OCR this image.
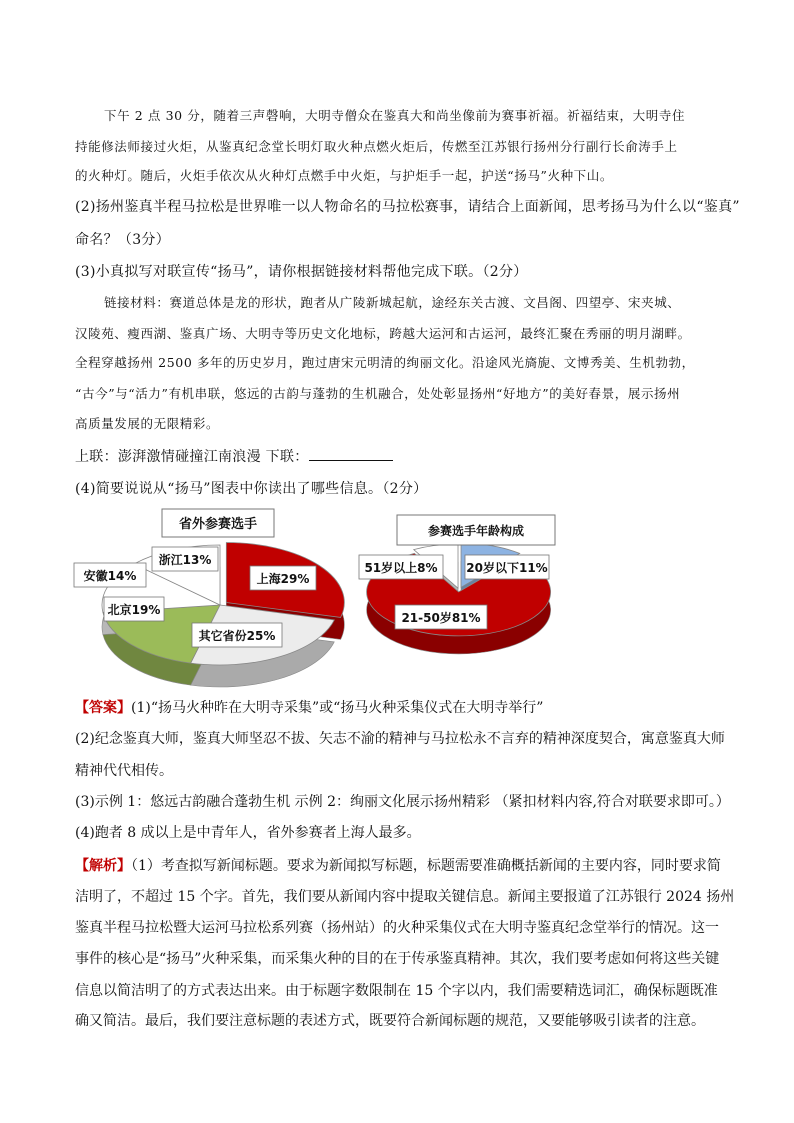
下午 2 点 30 分，随着三声磬响，大明寺僧众在鉴真大和尚坐像前为赛事祈福。祈福结束，大明寺住
持能修法师接过火炬，从鉴真纪念堂长明灯取火种点燃火炬后，传燃至江苏银行扬州分行副行长俞涛手上
的火种灯。随后，火炬手依次从火种灯点燃手中火炬，与护炬手一起，护送“扬马”火种下山。
(2)扬州鉴真半程马拉松是世界唯一以人物命名的马拉松赛事，请结合上面新闻，思考扬马为什么以“鉴真”
命名？（3分）
(3)小真拟写对联宣传“扬马”，请你根据链接材料帮他完成下联。（2分）
链接材料：赛道总体是龙的形状，跑者从广陵新城起航，途经东关古渡、文昌阁、四望亭、宋夹城、
汉陵苑、瘦西湖、鉴真广场、大明寺等历史文化地标，跨越大运河和古运河，最终汇聚在秀丽的明月湖畔。
全程穿越扬州 2500 多年的历史岁月，跑过唐宋元明清的绚丽文化。沿途风光旖旎、文博秀美、生机勃勃，
“古今”与“活力”有机串联，悠远的古韵与蓬勃的生机融合，处处彰显扬州“好地方”的美好春景，展示扬州
高质量发展的无限精彩。
上联：澎湃激情碰撞江南浪漫 下联：
(4)简要说说从“扬马”图表中你读出了哪些信息。（2分）
上海29%
其它省份25%
北京19%
安徽14%
浙江13%
省外参赛选手
21-50岁81%
51岁以上8% 20岁以下11%
参赛选手年龄构成
【答案】(1)“扬马火种昨在大明寺采集”或“扬马火种采集仪式在大明寺举行”
(2)纪念鉴真大师，鉴真大师坚忍不拔、矢志不渝的精神与马拉松永不言弃的精神深度契合，寓意鉴真大师
精神代代相传。
(3)示例 1：悠远古韵融合蓬勃生机 示例 2：绚丽文化展示扬州精彩 （紧扣材料内容,符合对联要求即可。）
(4)跑者 8 成以上是中青年人，省外参赛者上海人最多。
【解析】（1）考查拟写新闻标题。要求为新闻拟写标题，标题需要准确概括新闻的主要内容，同时要求简
洁明了，不超过 15 个字。首先，我们要从新闻内容中提取关键信息。新闻主要报道了江苏银行 2024 扬州
鉴真半程马拉松暨大运河马拉松系列赛（扬州站）的火种采集仪式在大明寺鉴真纪念堂举行的情况。这一
事件的核心是“扬马”火种采集，而采集火种的目的在于传承鉴真精神。其次，我们要考虑如何将这些关键
信息以简洁明了的方式表达出来。由于标题字数限制在 15 个字以内，我们需要精选词汇，确保标题既准
确又简洁。最后，我们要注意标题的表述方式，既要符合新闻标题的规范，又要能够吸引读者的注意。
